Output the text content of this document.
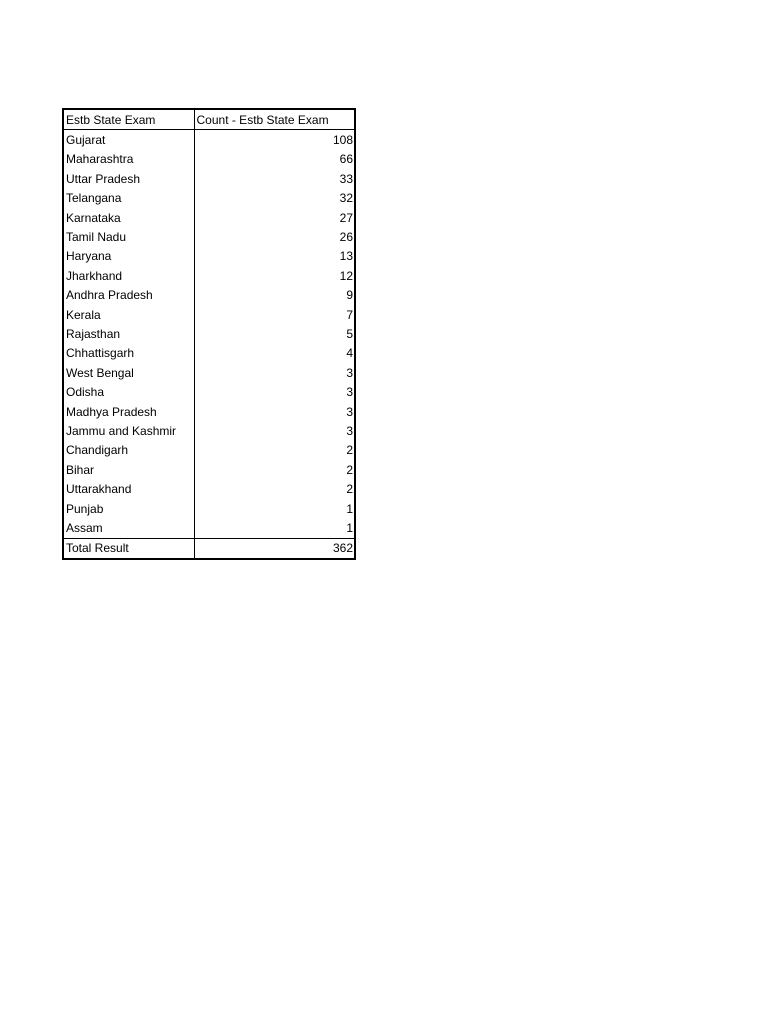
Estb State Exam	Count - Estb State Exam
Gujarat	108
Maharashtra	66
Uttar Pradesh	33
Telangana	32
Karnataka	27
Tamil Nadu	26
Haryana	13
Jharkhand	12
Andhra Pradesh	9
Kerala	7
Rajasthan	5
Chhattisgarh	4
West Bengal	3
Odisha	3
Madhya Pradesh	3
Jammu and Kashmir	3
Chandigarh	2
Bihar	2
Uttarakhand	2
Punjab	1
Assam	1
Total Result	362
